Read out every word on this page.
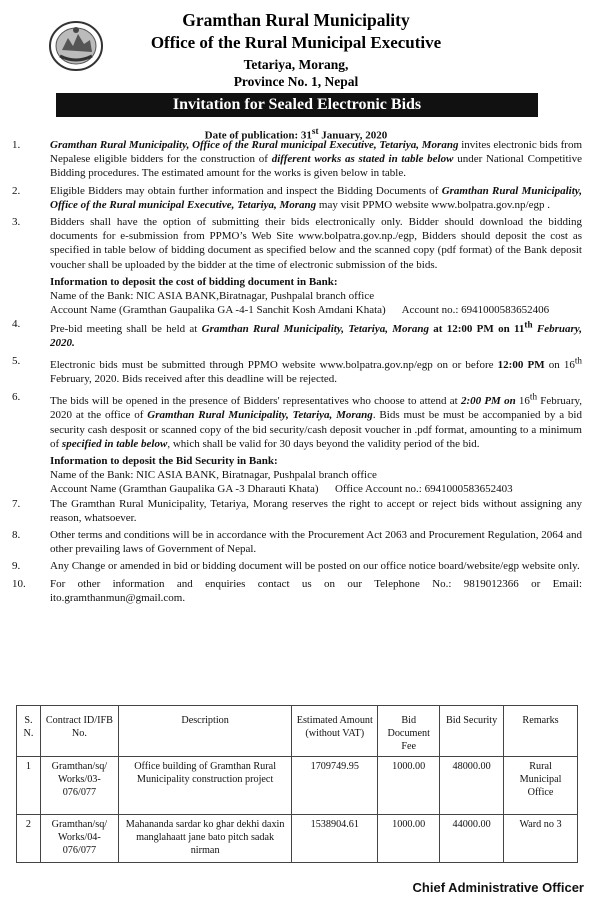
Gramthan Rural Municipality
Office of the Rural Municipal Executive
Tetariya, Morang,
Province No. 1, Nepal
Invitation for Sealed Electronic Bids
Date of publication: 31st January, 2020
1.	Gramthan Rural Municipality, Office of the Rural municipal Executive, Tetariya, Morang invites electronic bids from Nepalese eligible bidders for the construction of different works as stated in table below under National Competitive Bidding procedures. The estimated amount for the works is given below in table.
2.	Eligible Bidders may obtain further information and inspect the Bidding Documents of Gramthan Rural Municipality, Office of the Rural municipal Executive, Tetariya, Morang may visit PPMO website www.bolpatra.gov.np/egp .
3.	Bidders shall have the option of submitting their bids electronically only. Bidder should download the bidding documents for e-submission from PPMO’s Web Site www.bolpatra.gov.np./egp, Bidders should deposit the cost as specified in table below of bidding document as specified below and the scanned copy (pdf format) of the Bank deposit voucher shall be uploaded by the bidder at the time of electronic submission of the bids.
Information to deposit the cost of bidding document in Bank:
Name of the Bank: NIC ASIA BANK,Biratnagar, Pushpalal branch office
Account Name (Gramthan Gaupalika GA -4-1 Sanchit Kosh Amdani Khata)      Account no.: 6941000583652406
4.	Pre-bid meeting shall be held at Gramthan Rural Municipality, Tetariya, Morang at 12:00 PM on 11th February, 2020.
5.	Electronic bids must be submitted through PPMO website www.bolpatra.gov.np/egp on or before 12:00 PM on 16th February, 2020. Bids received after this deadline will be rejected.
6.	The bids will be opened in the presence of Bidders' representatives who choose to attend at 2:00 PM on 16th February, 2020 at the office of Gramthan Rural Municipality, Tetariya, Morang. Bids must be must be accompanied by a bid security cash desposit or scanned copy of the bid security/cash deposit voucher in .pdf format, amounting to a minimum of specified in table below, which shall be valid for 30 days beyond the validity period of the bid.
Information to deposit the Bid Security in Bank:
Name of the Bank: NIC ASIA BANK, Biratnagar, Pushpalal branch office
Account Name (Gramthan Gaupalika GA -3 Dharauti Khata)      Office Account no.: 6941000583652403
7.	The Gramthan Rural Municipality, Tetariya, Morang reserves the right to accept or reject bids without assigning any reason, whatsoever.
8.	Other terms and conditions will be in accordance with the Procurement Act 2063 and Procurement Regulation, 2064 and other prevailing laws of Government of Nepal.
9.	Any Change or amended in bid or bidding document will be posted on our office notice board/website/egp website only.
10. For other information and enquiries contact us on our Telephone No.: 9819012366 or Email: ito.gramthanmun@gmail.com.
S. N.	Contract ID/IFB No.	Description	Estimated Amount (without VAT)	Bid Document Fee	Bid Security	Remarks
1	Gramthan/sq/ Works/03-076/077	Office building of Gramthan Rural Municipality construction project	1709749.95	1000.00	48000.00	Rural Municipal Office
2	Gramthan/sq/ Works/04-076/077	Mahananda sardar ko ghar dekhi daxin manglahaatt jane bato pitch sadak nirman	1538904.61	1000.00	44000.00	Ward no 3
Chief Administrative Officer
